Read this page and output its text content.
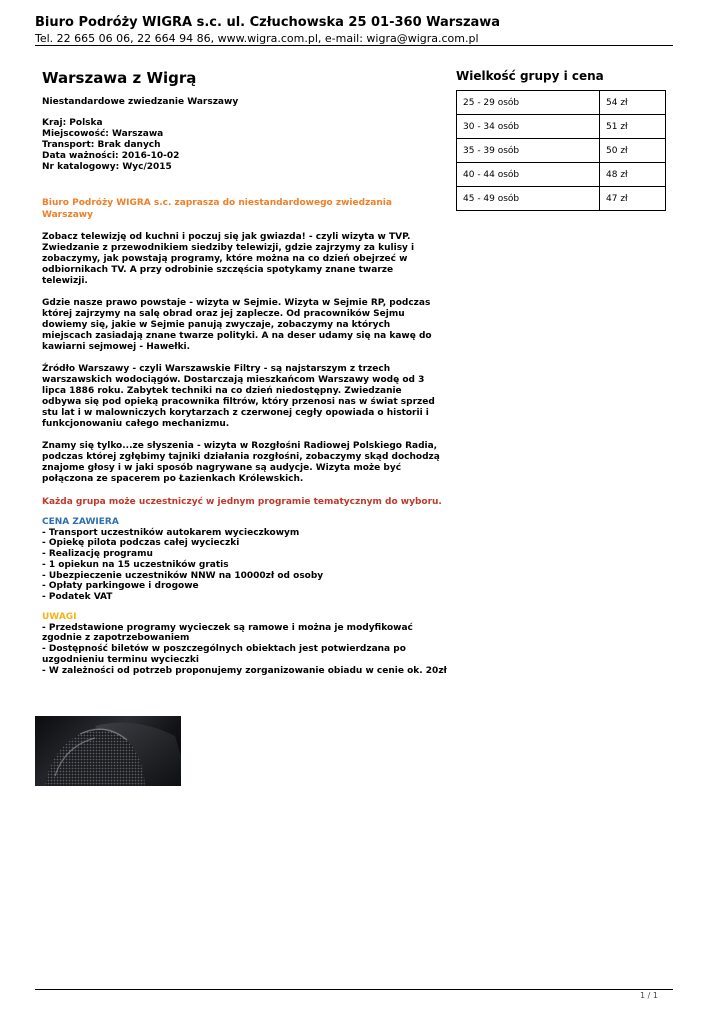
Biuro Podróży WIGRA s.c. ul. Człuchowska 25 01-360 Warszawa
Tel. 22 665 06 06, 22 664 94 86, www.wigra.com.pl, e-mail: wigra@wigra.com.pl
Warszawa z Wigrą
Niestandardowe zwiedzanie Warszawy
Kraj: Polska
Miejscowość: Warszawa
Transport: Brak danych
Data ważności: 2016-10-02
Nr katalogowy: Wyc/2015
Biuro Podróży WIGRA s.c. zaprasza do niestandardowego zwiedzania Warszawy
Zobacz telewizję od kuchni i poczuj się jak gwiazda! - czyli wizyta w TVP. Zwiedzanie z przewodnikiem siedziby telewizji, gdzie zajrzymy za kulisy i zobaczymy, jak powstają programy, które można na co dzień obejrzeć w odbiornikach TV. A przy odrobinie szczęścia spotykamy znane twarze telewizji.
Gdzie nasze prawo powstaje - wizyta w Sejmie. Wizyta w Sejmie RP, podczas której zajrzymy na salę obrad oraz jej zaplecze. Od pracowników Sejmu dowiemy się, jakie w Sejmie panują zwyczaje, zobaczymy na których miejscach zasiadają znane twarze polityki. A na deser udamy się na kawę do kawiarni sejmowej - Hawełki.
Źródło Warszawy - czyli Warszawskie Filtry - są najstarszym z trzech warszawskich wodociągów. Dostarczają mieszkańcom Warszawy wodę od 3 lipca 1886 roku. Zabytek techniki na co dzień niedostępny. Zwiedzanie odbywa się pod opieką pracownika filtrów, który przenosi nas w świat sprzed stu lat i w malowniczych korytarzach z czerwonej cegły opowiada o historii i funkcjonowaniu całego mechanizmu.
Znamy się tylko...ze słyszenia - wizyta w Rozgłośni Radiowej Polskiego Radia, podczas której zgłębimy tajniki działania rozgłośni, zobaczymy skąd dochodzą znajome głosy i w jaki sposób nagrywane są audycje. Wizyta może być połączona ze spacerem po Łazienkach Królewskich.
Każda grupa może uczestniczyć w jednym programie tematycznym do wyboru.
CENA ZAWIERA
- Transport uczestników autokarem wycieczkowym
- Opiekę pilota podczas całej wycieczki
- Realizację programu
- 1 opiekun na 15 uczestników gratis
- Ubezpieczenie uczestników NNW na 10000zł od osoby
- Opłaty parkingowe i drogowe
- Podatek VAT
UWAGI
- Przedstawione programy wycieczek są ramowe i można je modyfikować zgodnie z zapotrzebowaniem
- Dostępność biletów w poszczególnych obiektach jest potwierdzana po uzgodnieniu terminu wycieczki
- W zależności od potrzeb proponujemy zorganizowanie obiadu w cenie ok. 20zł
Wielkość grupy i cena
25 - 29 osób	54 zł
30 - 34 osób	51 zł
35 - 39 osób	50 zł
40 - 44 osób	48 zł
45 - 49 osób	47 zł
1 / 1
